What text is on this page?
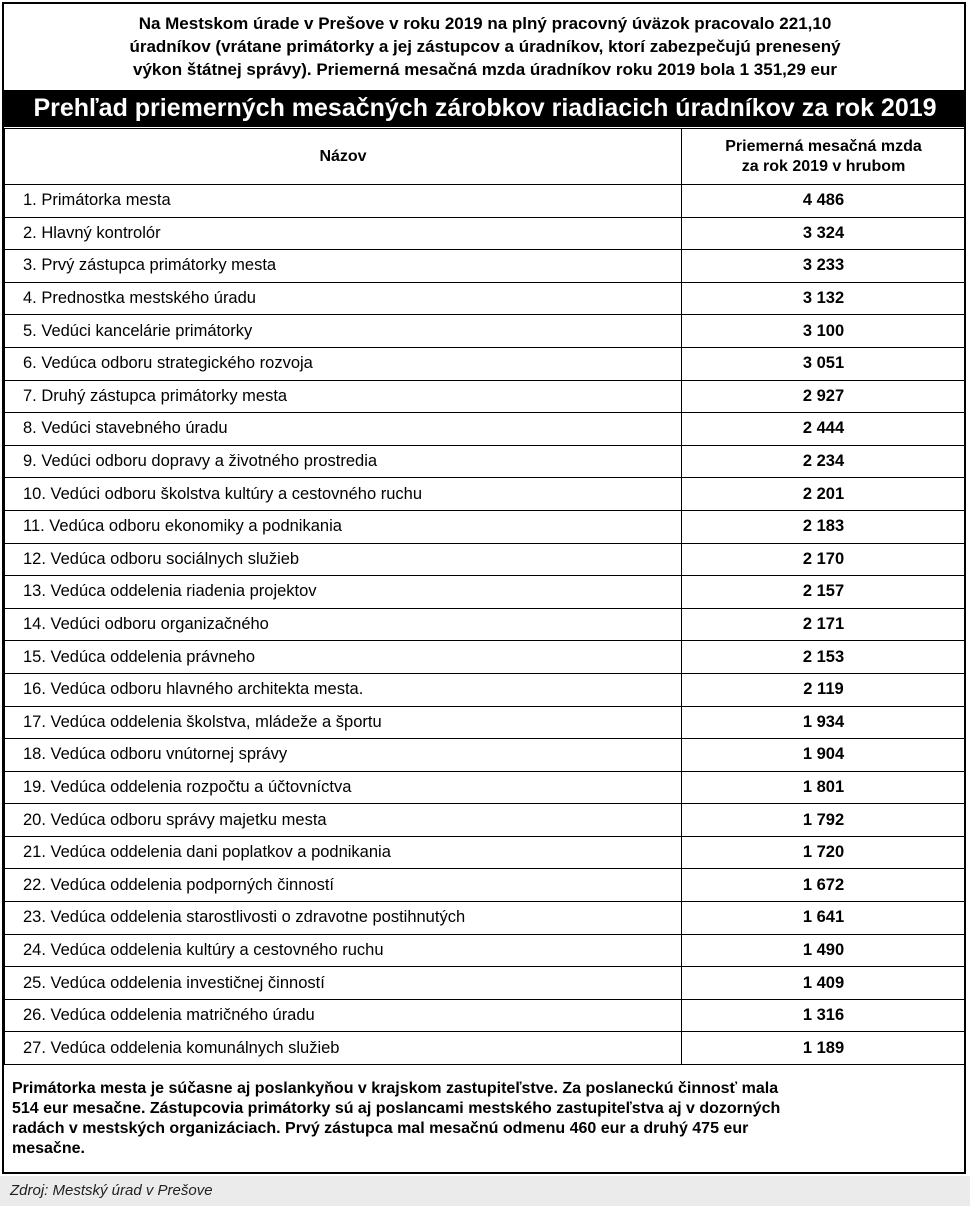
Na Mestskom úrade v Prešove v roku 2019 na plný pracovný úväzok pracovalo 221,10
úradníkov (vrátane primátorky a jej zástupcov a úradníkov, ktorí zabezpečujú prenesený
výkon štátnej správy). Priemerná mesačná mzda úradníkov roku 2019 bola 1 351,29 eur
Prehľad priemerných mesačných zárobkov riadiacich úradníkov za rok 2019
Názov	Priemerná mesačná mzda
za rok 2019 v hrubom
1. Primátorka mesta	4 486
2. Hlavný kontrolór	3 324
3. Prvý zástupca primátorky mesta	3 233
4. Prednostka mestského úradu	3 132
5. Vedúci kancelárie primátorky	3 100
6. Vedúca odboru strategického rozvoja	3 051
7. Druhý zástupca primátorky mesta	2 927
8. Vedúci stavebného úradu	2 444
9. Vedúci odboru dopravy a životného prostredia	2 234
10. Vedúci odboru školstva kultúry a cestovného ruchu	2 201
11. Vedúca odboru ekonomiky a podnikania	2 183
12. Vedúca odboru sociálnych služieb	2 170
13. Vedúca oddelenia riadenia projektov	2 157
14. Vedúci odboru organizačného	2 171
15. Vedúca oddelenia právneho	2 153
16. Vedúca odboru hlavného architekta mesta.	2 119
17. Vedúca oddelenia školstva, mládeže a športu	1 934
18. Vedúca odboru vnútornej správy	1 904
19. Vedúca oddelenia rozpočtu a účtovníctva	1 801
20. Vedúca odboru správy majetku mesta	1 792
21. Vedúca oddelenia dani poplatkov a podnikania	1 720
22. Vedúca oddelenia podporných činností	1 672
23. Vedúca oddelenia starostlivosti o zdravotne postihnutých	1 641
24. Vedúca oddelenia kultúry a cestovného ruchu	1 490
25. Vedúca oddelenia investičnej činností	1 409
26. Vedúca oddelenia matričného úradu	1 316
27. Vedúca oddelenia komunálnych služieb	1 189
Primátorka mesta je súčasne aj poslankyňou v krajskom zastupiteľstve. Za poslaneckú činnosť mala
514 eur mesačne. Zástupcovia primátorky sú aj poslancami mestského zastupiteľstva aj v dozorných
radách v mestských organizáciach. Prvý zástupca mal mesačnú odmenu 460 eur a druhý 475 eur
mesačne.
Zdroj: Mestský úrad v Prešove
